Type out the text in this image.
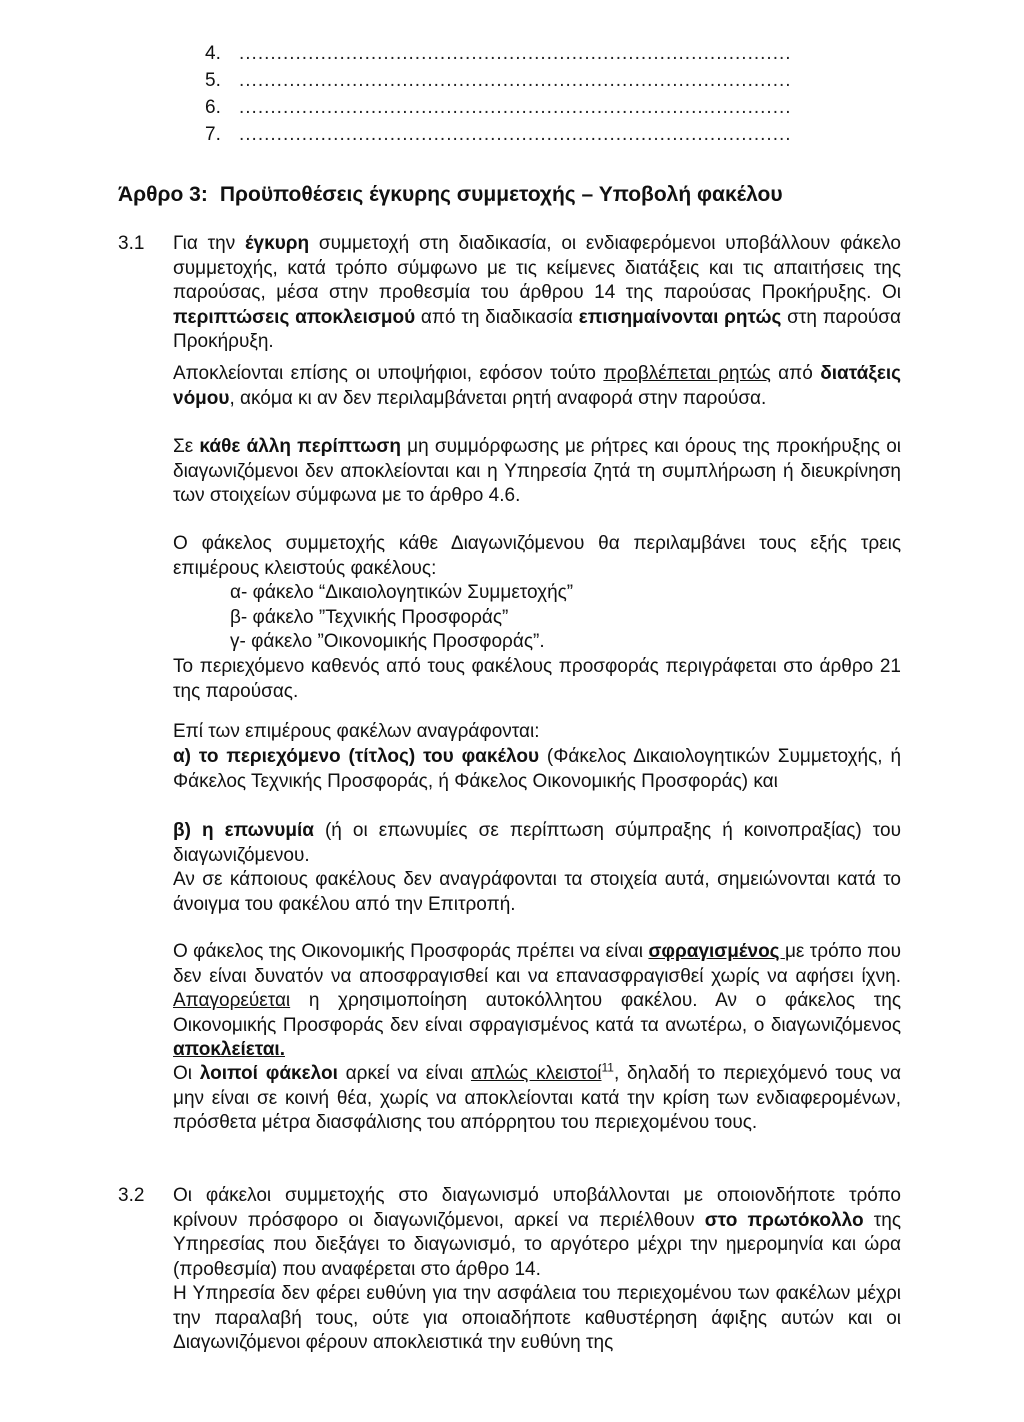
4. ........................................................................................
5. ........................................................................................
6. ........................................................................................
7. ........................................................................................
Άρθρο 3: Προϋποθέσεις έγκυρης συμμετοχής – Υποβολή φακέλου
3.1 Για την έγκυρη συμμετοχή στη διαδικασία, οι ενδιαφερόμενοι υποβάλλουν φάκελο συμμετοχής, κατά τρόπο σύμφωνο με τις κείμενες διατάξεις και τις απαιτήσεις της παρούσας, μέσα στην προθεσμία του άρθρου 14 της παρούσας Προκήρυξης. Οι περιπτώσεις αποκλεισμού από τη διαδικασία επισημαίνονται ρητώς στη παρούσα Προκήρυξη.
Αποκλείονται επίσης οι υποψήφιοι, εφόσον τούτο προβλέπεται ρητώς από διατάξεις νόμου, ακόμα κι αν δεν περιλαμβάνεται ρητή αναφορά στην παρούσα.
Σε κάθε άλλη περίπτωση μη συμμόρφωσης με ρήτρες και όρους της προκήρυξης οι διαγωνιζόμενοι δεν αποκλείονται και η Υπηρεσία ζητά τη συμπλήρωση ή διευκρίνηση των στοιχείων σύμφωνα με το άρθρο 4.6.
Ο φάκελος συμμετοχής κάθε Διαγωνιζόμενου θα περιλαμβάνει τους εξής τρεις επιμέρους κλειστούς φακέλους:
α- φάκελο “Δικαιολογητικών Συμμετοχής”
β- φάκελο ”Τεχνικής Προσφοράς”
γ- φάκελο ”Οικονομικής Προσφοράς”.
Το περιεχόμενο καθενός από τους φακέλους προσφοράς περιγράφεται στο άρθρο 21 της παρούσας.
Επί των επιμέρους φακέλων αναγράφονται:
α) το περιεχόμενο (τίτλος) του φακέλου (Φάκελος Δικαιολογητικών Συμμετοχής, ή Φάκελος Τεχνικής Προσφοράς, ή Φάκελος Οικονομικής Προσφοράς) και
β) η επωνυμία (ή οι επωνυμίες σε περίπτωση σύμπραξης ή κοινοπραξίας) του διαγωνιζόμενου.
Αν σε κάποιους φακέλους δεν αναγράφονται τα στοιχεία αυτά, σημειώνονται κατά το άνοιγμα του φακέλου από την Επιτροπή.
Ο φάκελος της Οικονομικής Προσφοράς πρέπει να είναι σφραγισμένος με τρόπο που δεν είναι δυνατόν να αποσφραγισθεί και να επανασφραγισθεί χωρίς να αφήσει ίχνη. Απαγορεύεται η χρησιμοποίηση αυτοκόλλητου φακέλου. Αν ο φάκελος της Οικονομικής Προσφοράς δεν είναι σφραγισμένος κατά τα ανωτέρω, ο διαγωνιζόμενος αποκλείεται.
Οι λοιποί φάκελοι αρκεί να είναι απλώς κλειστοί$^{11}$, δηλαδή το περιεχόμενό τους να μην είναι σε κοινή θέα, χωρίς να αποκλείονται κατά την κρίση των ενδιαφερομένων, πρόσθετα μέτρα διασφάλισης του απόρρητου του περιεχομένου τους.
3.2 Οι φάκελοι συμμετοχής στο διαγωνισμό υποβάλλονται με οποιονδήποτε τρόπο κρίνουν πρόσφορο οι διαγωνιζόμενοι, αρκεί να περιέλθουν στο πρωτόκολλο της Υπηρεσίας που διεξάγει το διαγωνισμό, το αργότερο μέχρι την ημερομηνία και ώρα (προθεσμία) που αναφέρεται στο άρθρο 14.
Η Υπηρεσία δεν φέρει ευθύνη για την ασφάλεια του περιεχομένου των φακέλων μέχρι την παραλαβή τους, ούτε για οποιαδήποτε καθυστέρηση άφιξης αυτών και οι Διαγωνιζόμενοι φέρουν αποκλειστικά την ευθύνη της
